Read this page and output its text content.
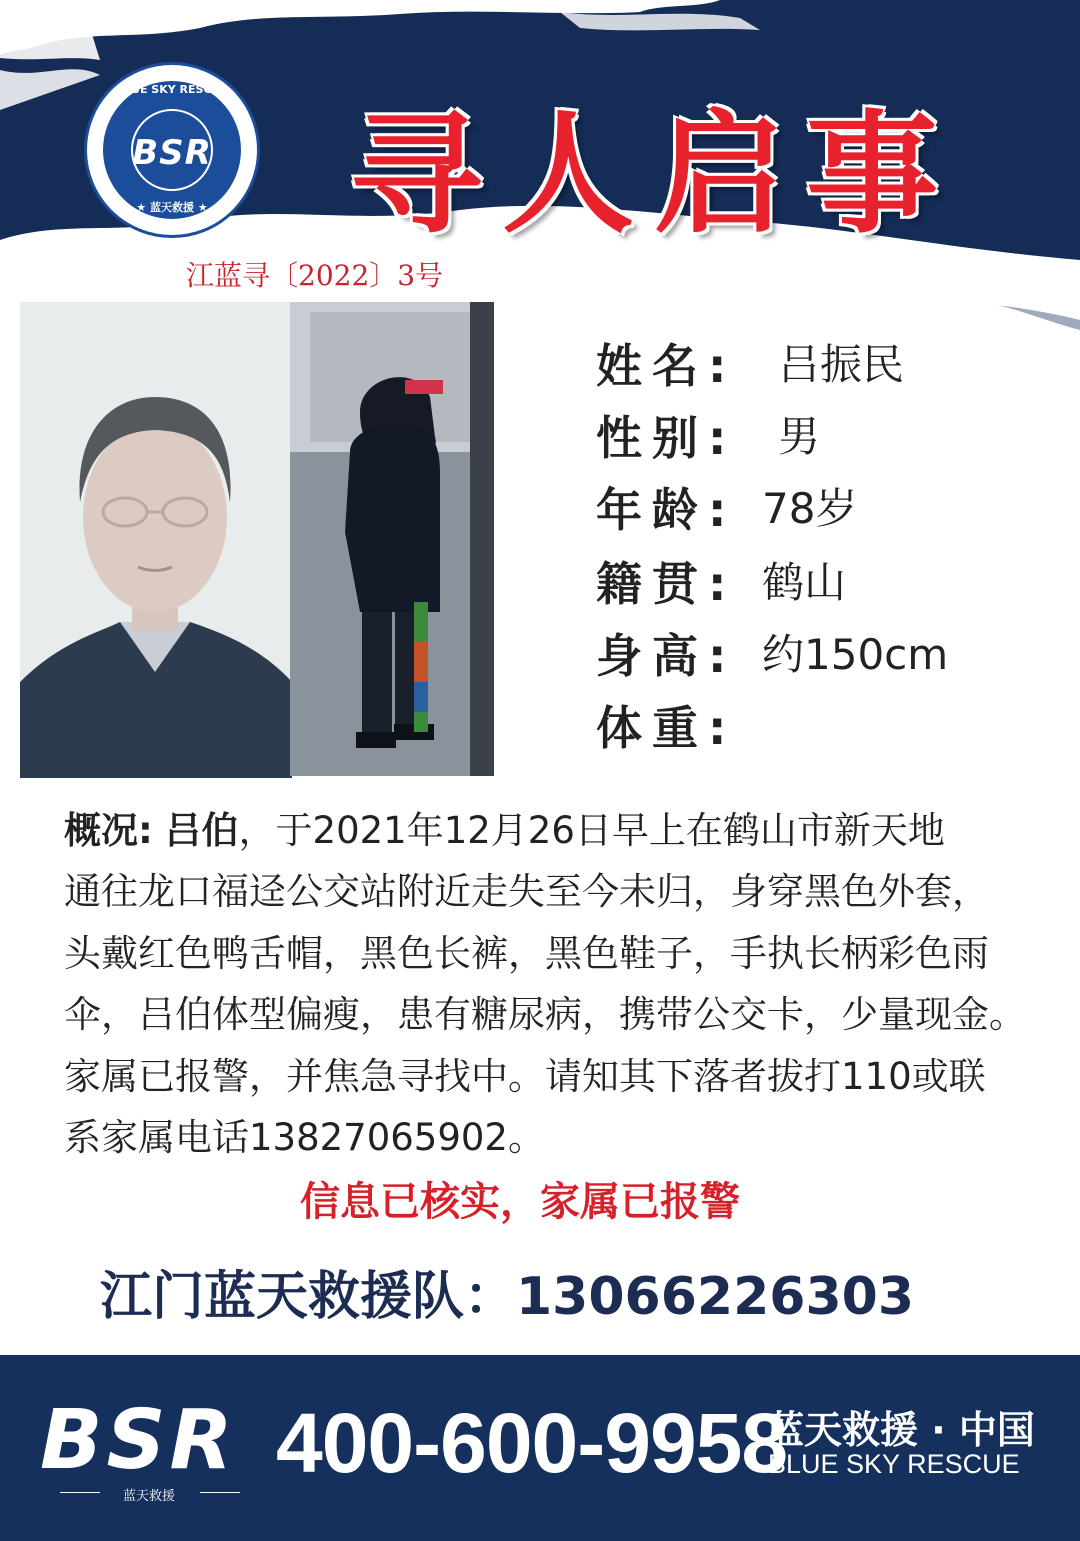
BLUE SKY RESCUE
BSR
★ 蓝天救援 ★ 寻人启事
江蓝寻〔2022〕3号
姓名: 吕振民
性别: 男
年龄: 78岁
籍贯: 鹤山
身高: 约150cm
体重:
概况: 吕伯，于2021年12月26日早上在鹤山市新天地
通往龙口福迳公交站附近走失至今未归，身穿黑色外套，
头戴红色鸭舌帽，黑色长裤，黑色鞋子，手执长柄彩色雨
伞，吕伯体型偏瘦，患有糖尿病，携带公交卡，少量现金。
家属已报警，并焦急寻找中。请知其下落者拔打110或联
系家属电话13827065902。
信息已核实，家属已报警
江门蓝天救援队：13066226303
BSR
蓝天救援
400-600-9958
蓝天救援 · 中国
BLUE SKY RESCUE
